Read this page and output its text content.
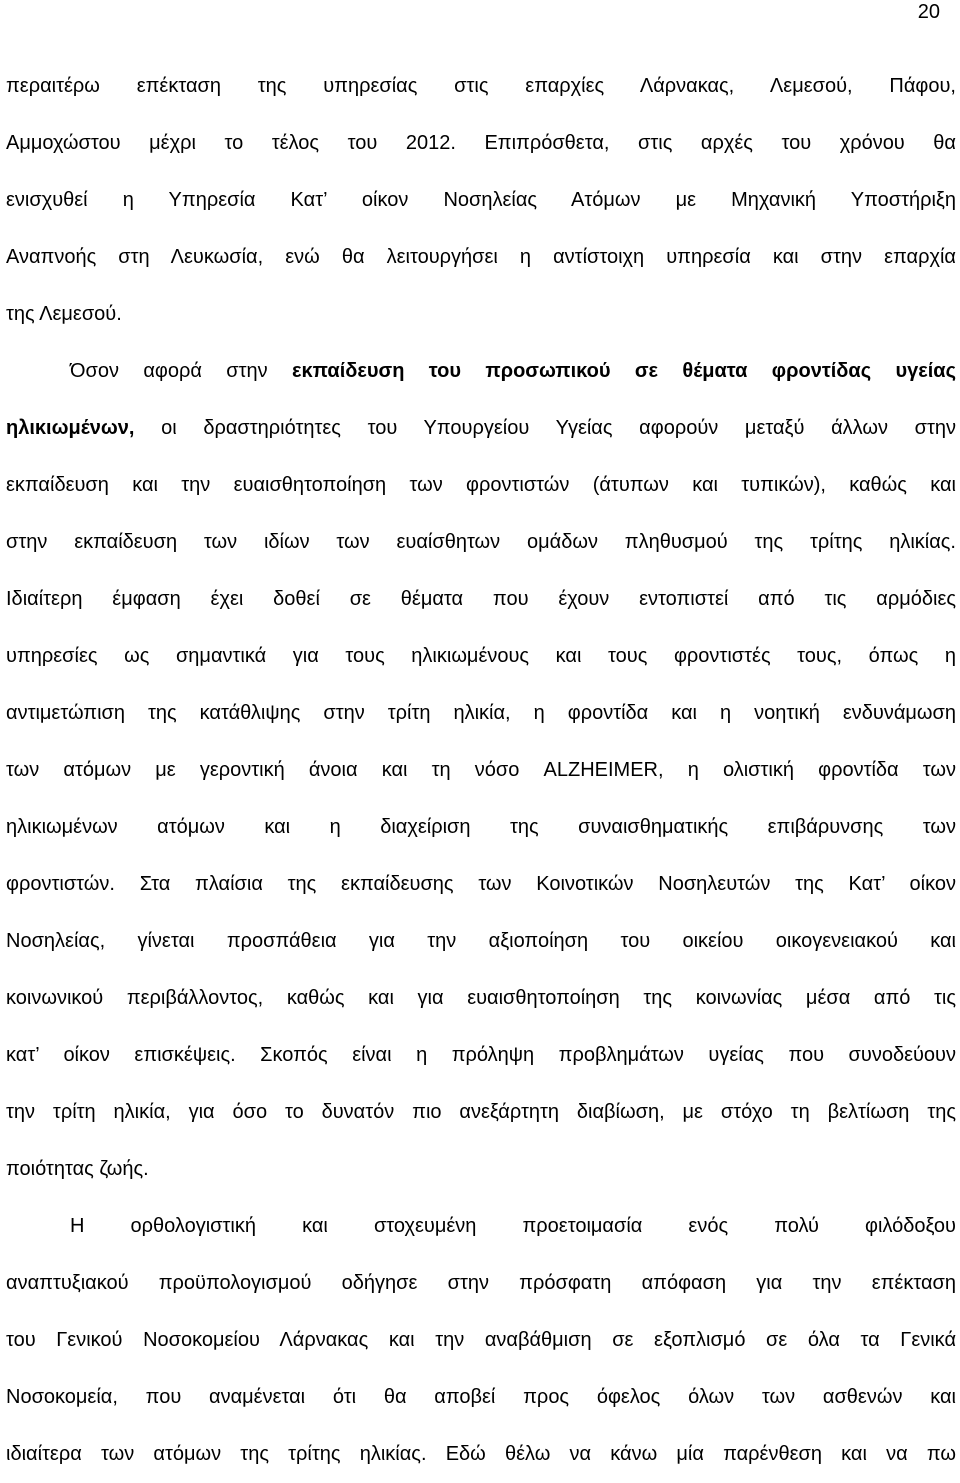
20
περαιτέρω επέκταση της υπηρεσίας στις επαρχίες Λάρνακας, Λεμεσού, Πάφου,
Αμμοχώστου μέχρι το τέλος του 2012. Επιπρόσθετα, στις αρχές του χρόνου θα
ενισχυθεί η Υπηρεσία Κατ’ οίκον Νοσηλείας Ατόμων με Μηχανική Υποστήριξη
Αναπνοής στη Λευκωσία, ενώ θα λειτουργήσει η αντίστοιχη υπηρεσία και στην επαρχία
της Λεμεσού.
Όσον αφορά στην εκπαίδευση του προσωπικού σε θέματα φροντίδας υγείας
ηλικιωμένων, οι δραστηριότητες του Υπουργείου Υγείας αφορούν μεταξύ άλλων στην
εκπαίδευση και την ευαισθητοποίηση των φροντιστών (άτυπων και τυπικών), καθώς και
στην εκπαίδευση των ιδίων των ευαίσθητων ομάδων πληθυσμού της τρίτης ηλικίας.
Ιδιαίτερη έμφαση έχει δοθεί σε θέματα που έχουν εντοπιστεί από τις αρμόδιες
υπηρεσίες ως σημαντικά για τους ηλικιωμένους και τους φροντιστές τους, όπως η
αντιμετώπιση της κατάθλιψης στην τρίτη ηλικία, η φροντίδα και η νοητική ενδυνάμωση
των ατόμων με γεροντική άνοια και τη νόσο ALZHEIMER, η ολιστική φροντίδα των
ηλικιωμένων ατόμων και η διαχείριση της συναισθηματικής επιβάρυνσης των
φροντιστών. Στα πλαίσια της εκπαίδευσης των Κοινοτικών Νοσηλευτών της Κατ’ οίκον
Νοσηλείας, γίνεται προσπάθεια για την αξιοποίηση του οικείου οικογενειακού και
κοινωνικού περιβάλλοντος, καθώς και για ευαισθητοποίηση της κοινωνίας μέσα από τις
κατ’ οίκον επισκέψεις. Σκοπός είναι η πρόληψη προβλημάτων υγείας που συνοδεύουν
την τρίτη ηλικία, για όσο το δυνατόν πιο ανεξάρτητη διαβίωση, με στόχο τη βελτίωση της
ποιότητας ζωής.
Η ορθολογιστική και στοχευμένη προετοιμασία ενός πολύ φιλόδοξου
αναπτυξιακού προϋπολογισμού οδήγησε στην πρόσφατη απόφαση για την επέκταση
του Γενικού Νοσοκομείου Λάρνακας και την αναβάθμιση σε εξοπλισμό σε όλα τα Γενικά
Νοσοκομεία, που αναμένεται ότι θα αποβεί προς όφελος όλων των ασθενών και
ιδιαίτερα των ατόμων της τρίτης ηλικίας. Εδώ θέλω να κάνω μία παρένθεση και να πω
